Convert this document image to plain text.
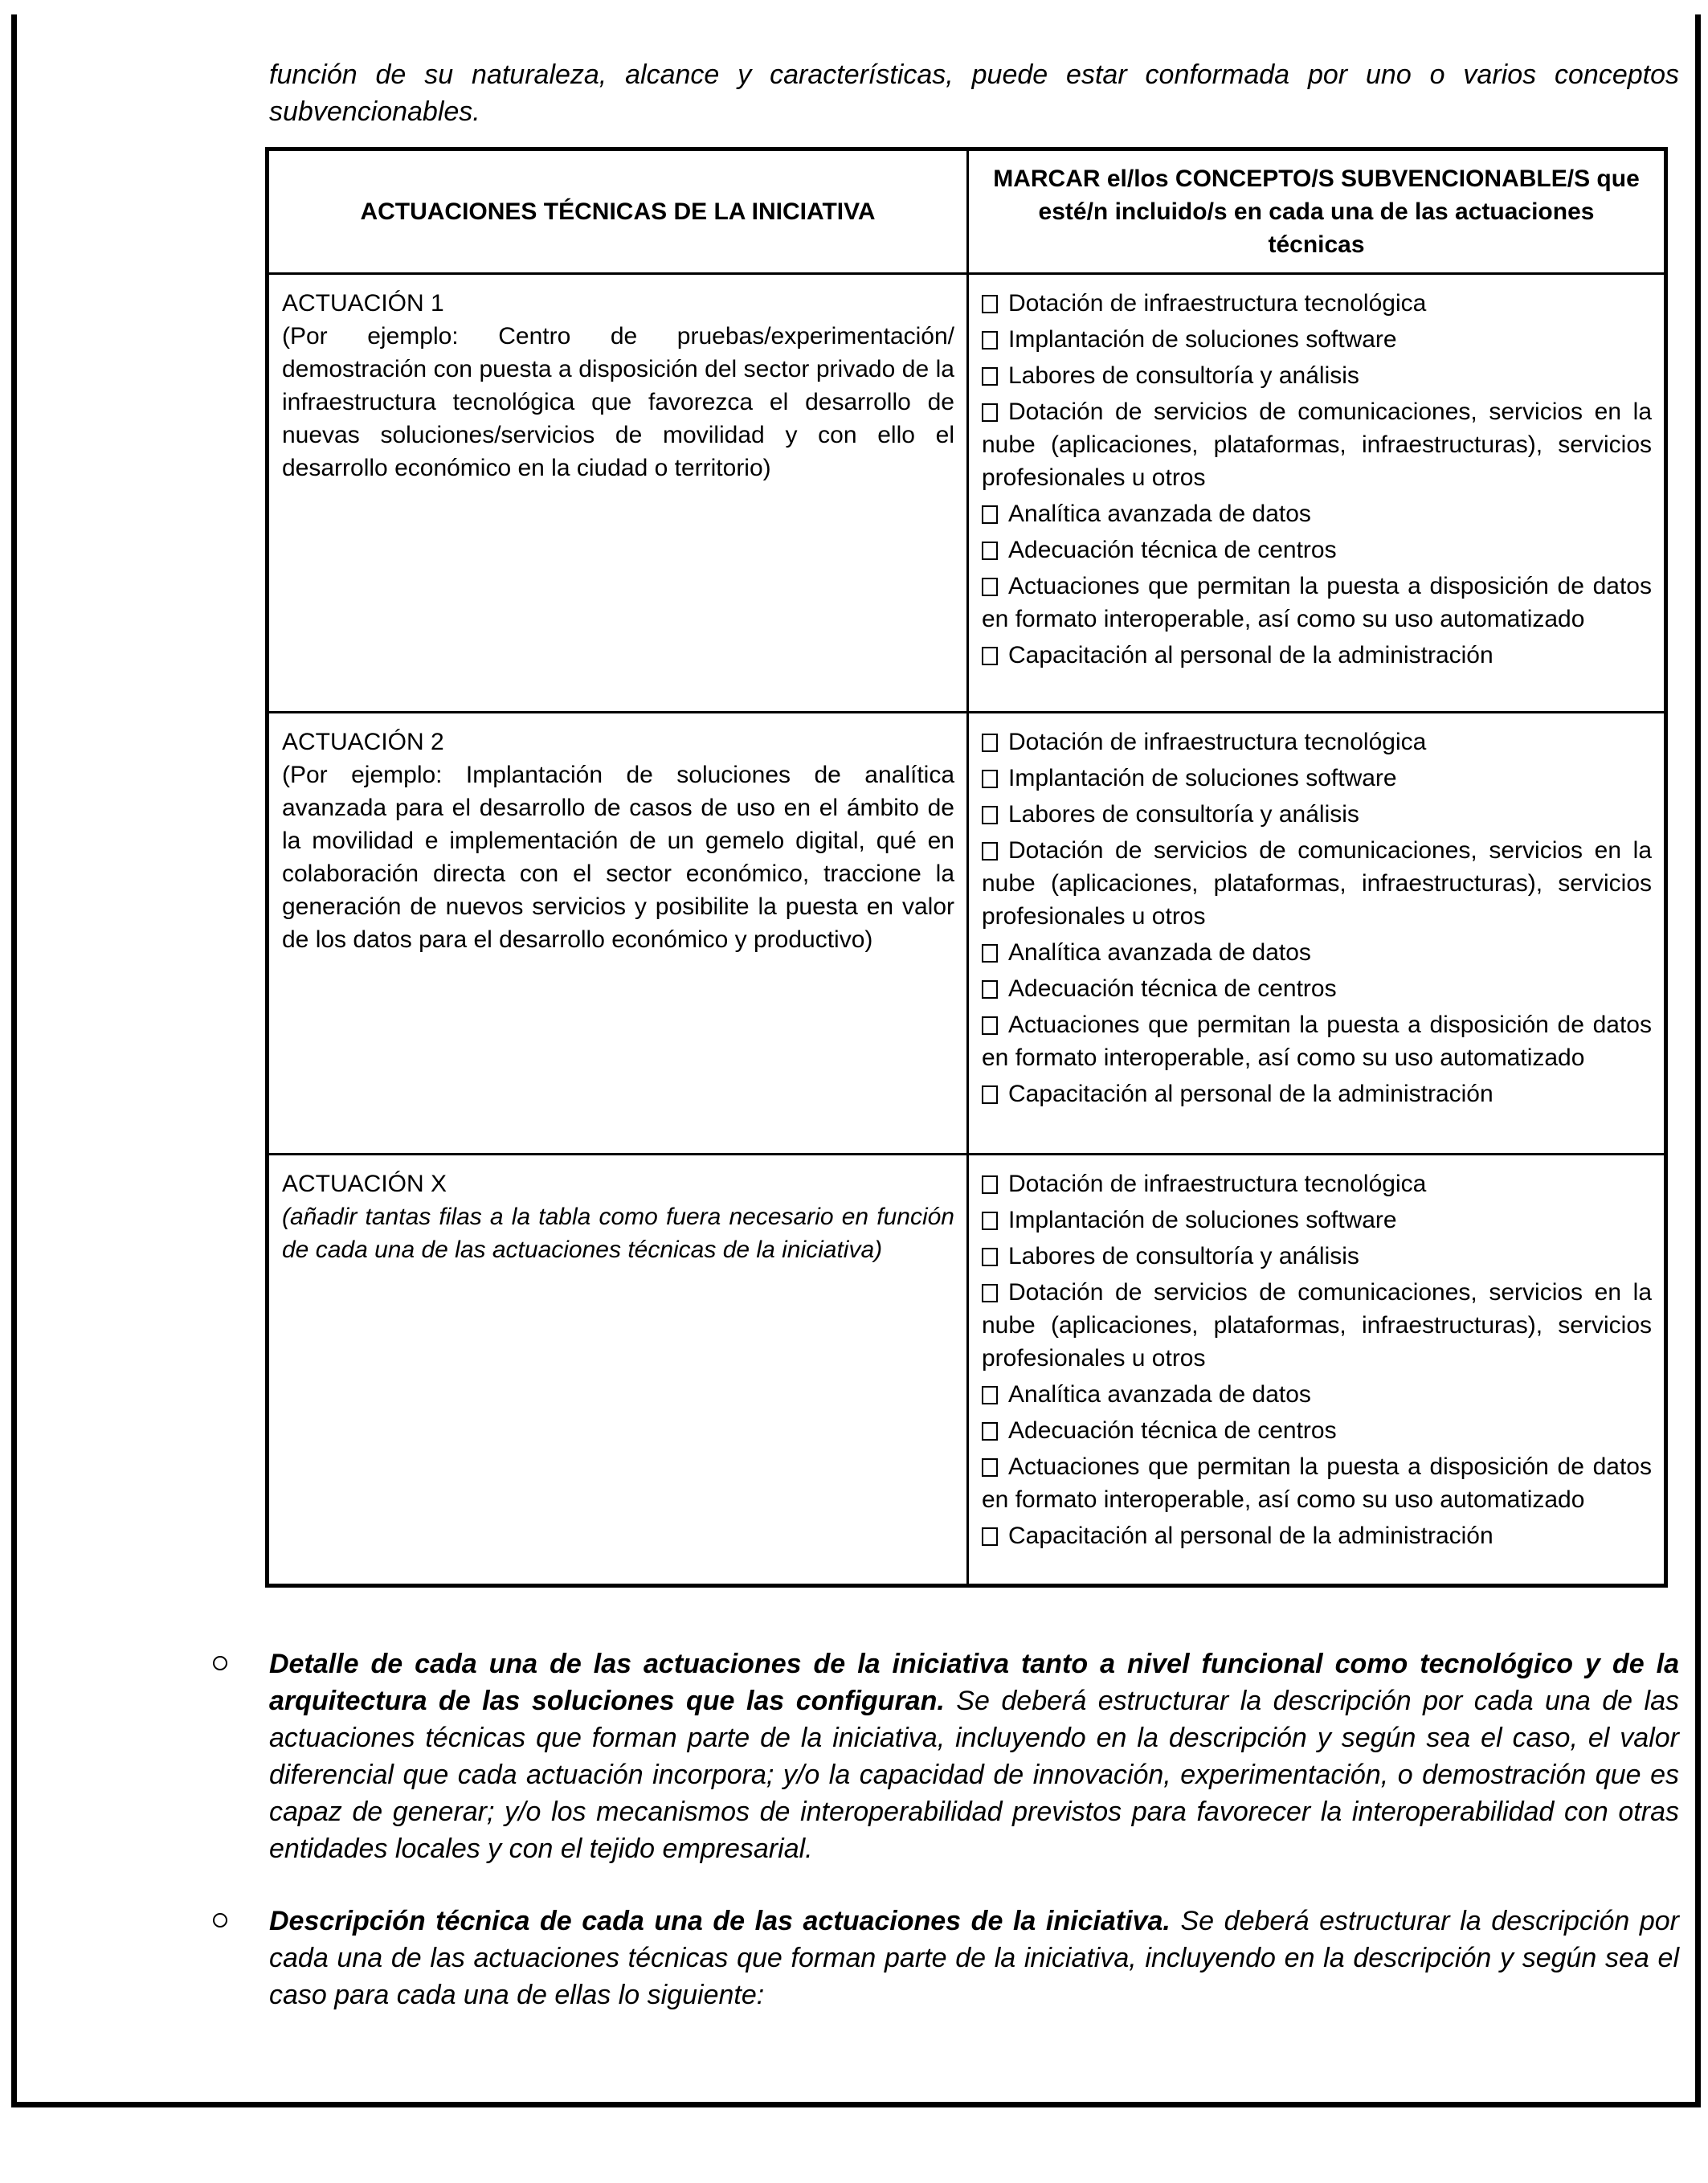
función de su naturaleza, alcance y características, puede estar conformada por uno o varios conceptos subvencionables.

ACTUACIONES TÉCNICAS DE LA INICIATIVA
MARCAR el/los CONCEPTO/S SUBVENCIONABLE/S que esté/n incluido/s en cada una de las actuaciones técnicas
ACTUACIÓN 1
(Por ejemplo: Centro de pruebas/experimentación/ demostración con puesta a disposición del sector privado de la infraestructura tecnológica que favorezca el desarrollo de nuevas soluciones/servicios de movilidad y con ello el desarrollo económico en la ciudad o territorio)
Dotación de infraestructura tecnológica
Implantación de soluciones software
Labores de consultoría y análisis
Dotación de servicios de comunicaciones, servicios en la nube (aplicaciones, plataformas, infraestructuras), servicios profesionales u otros
Analítica avanzada de datos
Adecuación técnica de centros
Actuaciones que permitan la puesta a disposición de datos en formato interoperable, así como su uso automatizado
Capacitación al personal de la administración
ACTUACIÓN 2
(Por ejemplo: Implantación de soluciones de analítica avanzada para el desarrollo de casos de uso en el ámbito de la movilidad e implementación de un gemelo digital, qué en colaboración directa con el sector económico, traccione la generación de nuevos servicios y posibilite la puesta en valor de los datos para el desarrollo económico y productivo)
Dotación de infraestructura tecnológica
Implantación de soluciones software
Labores de consultoría y análisis
Dotación de servicios de comunicaciones, servicios en la nube (aplicaciones, plataformas, infraestructuras), servicios profesionales u otros
Analítica avanzada de datos
Adecuación técnica de centros
Actuaciones que permitan la puesta a disposición de datos en formato interoperable, así como su uso automatizado
Capacitación al personal de la administración
ACTUACIÓN X
(añadir tantas filas a la tabla como fuera necesario en función de cada una de las actuaciones técnicas de la iniciativa)
Dotación de infraestructura tecnológica
Implantación de soluciones software
Labores de consultoría y análisis
Dotación de servicios de comunicaciones, servicios en la nube (aplicaciones, plataformas, infraestructuras), servicios profesionales u otros
Analítica avanzada de datos
Adecuación técnica de centros
Actuaciones que permitan la puesta a disposición de datos en formato interoperable, así como su uso automatizado
Capacitación al personal de la administración
Detalle de cada una de las actuaciones de la iniciativa tanto a nivel funcional como tecnológico y de la arquitectura de las soluciones que las configuran. Se deberá estructurar la descripción por cada una de las actuaciones técnicas que forman parte de la iniciativa, incluyendo en la descripción y según sea el caso, el valor diferencial que cada actuación incorpora; y/o la capacidad de innovación, experimentación, o demostración que es capaz de generar; y/o los mecanismos de interoperabilidad previstos para favorecer la interoperabilidad con otras entidades locales y con el tejido empresarial.
Descripción técnica de cada una de las actuaciones de la iniciativa. Se deberá estructurar la descripción por cada una de las actuaciones técnicas que forman parte de la iniciativa, incluyendo en la descripción y según sea el caso para cada una de ellas lo siguiente:
